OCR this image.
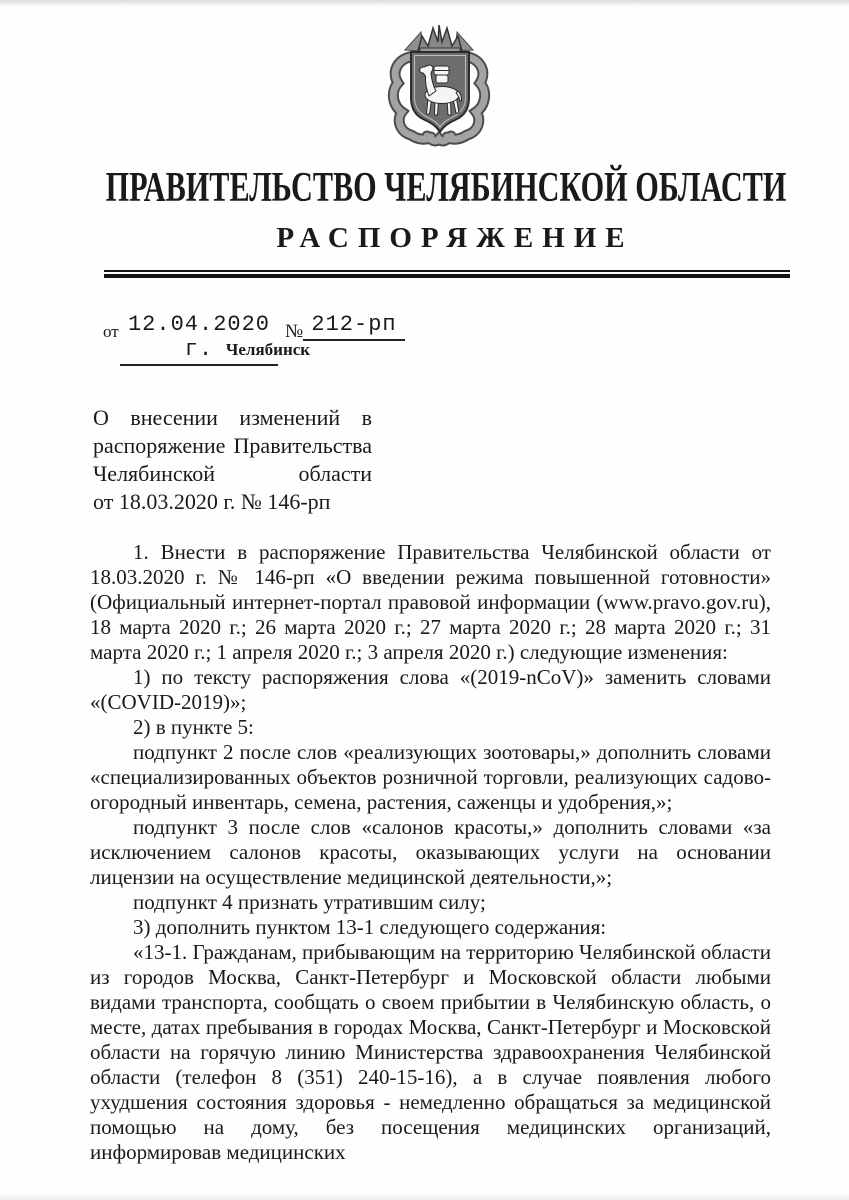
ПРАВИТЕЛЬСТВО ЧЕЛЯБИНСКОЙ ОБЛАСТИ
РАСПОРЯЖЕНИЕ
от 12.04.2020 г.
№ 212-рп
Челябинск
О внесении изменений в
распоряжение Правительства
Челябинской области
от 18.03.2020 г. № 146-рп

1. Внести в распоряжение Правительства Челябинской области от 18.03.2020 г. № 146-рп «О введении режима повышенной готовности» (Официальный интернет-портал правовой информации (www.pravo.gov.ru), 18 марта 2020 г.; 26 марта 2020 г.; 27 марта 2020 г.; 28 марта 2020 г.; 31 марта 2020 г.; 1 апреля 2020 г.; 3 апреля 2020 г.) следующие изменения:

1) по тексту распоряжения слова «(2019-nCoV)» заменить словами «(COVID-2019)»;

2) в пункте 5:

подпункт 2 после слов «реализующих зоотовары,» дополнить словами «специализированных объектов розничной торговли, реализующих садово-огородный инвентарь, семена, растения, саженцы и удобрения,»;

подпункт 3 после слов «салонов красоты,» дополнить словами «за исключением салонов красоты, оказывающих услуги на основании лицензии на осуществление медицинской деятельности,»;

подпункт 4 признать утратившим силу;

3) дополнить пунктом 13-1 следующего содержания:

«13-1. Гражданам, прибывающим на территорию Челябинской области из городов Москва, Санкт-Петербург и Московской области любыми видами транспорта, сообщать о своем прибытии в Челябинскую область, о месте, датах пребывания в городах Москва, Санкт-Петербург и Московской области на горячую линию Министерства здравоохранения Челябинской области (телефон 8 (351) 240-15-16), а в случае появления любого ухудшения состояния здоровья - немедленно обращаться за медицинской помощью на дому, без посещения медицинских организаций, информировав медицинских
